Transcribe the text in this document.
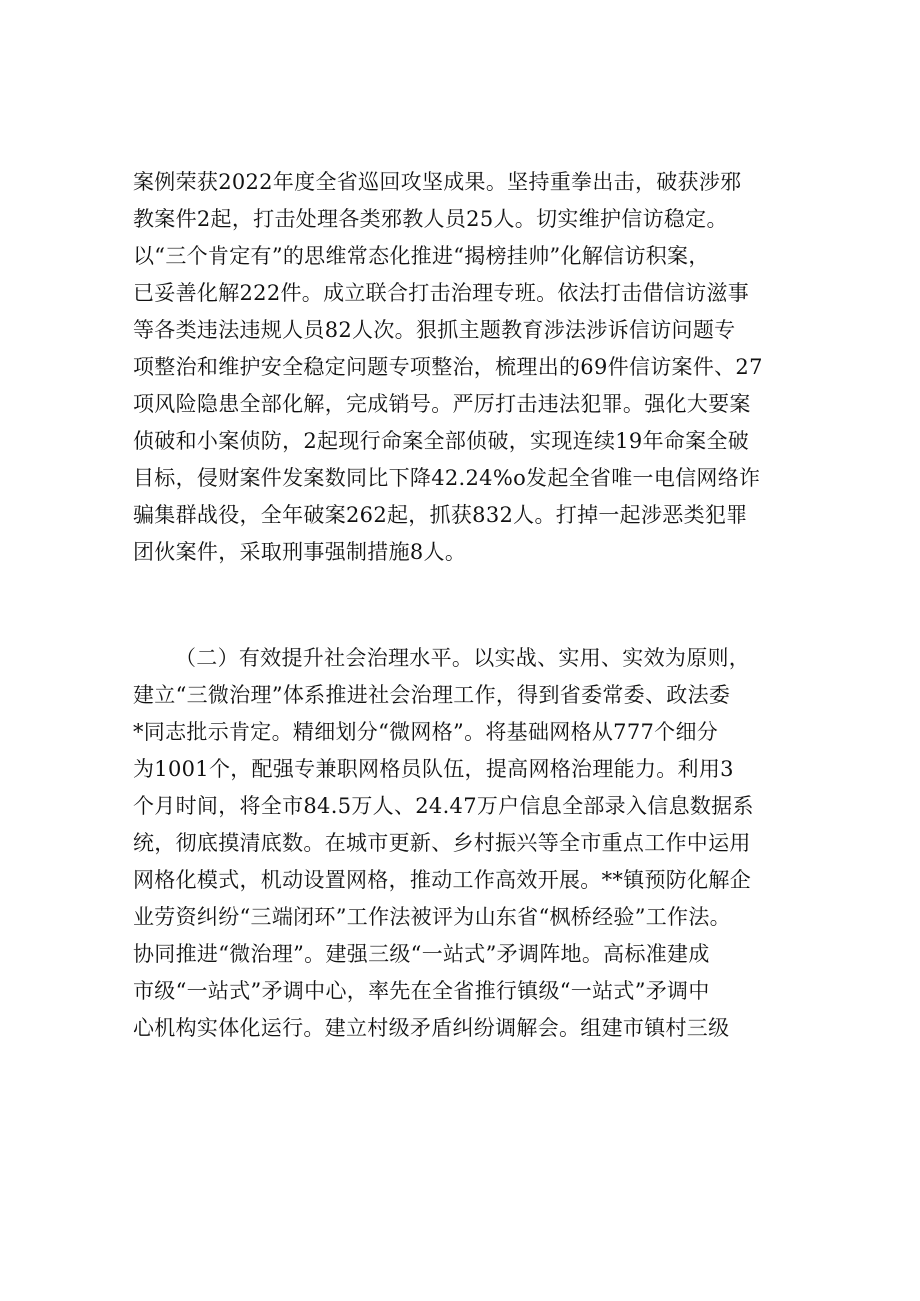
案例荣获2022年度全省巡回攻坚成果。坚持重拳出击，破获涉邪
教案件2起，打击处理各类邪教人员25人。切实维护信访稳定。
以“三个肯定有”的思维常态化推进“揭榜挂帅”化解信访积案，
已妥善化解222件。成立联合打击治理专班。依法打击借信访滋事
等各类违法违规人员82人次。狠抓主题教育涉法涉诉信访问题专
项整治和维护安全稳定问题专项整治，梳理出的69件信访案件、27
项风险隐患全部化解，完成销号。严厉打击违法犯罪。强化大要案
侦破和小案侦防，2起现行命案全部侦破，实现连续19年命案全破
目标，侵财案件发案数同比下降42.24%o发起全省唯一电信网络诈
骗集群战役，全年破案262起，抓获832人。打掉一起涉恶类犯罪
团伙案件，采取刑事强制措施8人。
（二）有效提升社会治理水平。以实战、实用、实效为原则，
建立“三微治理”体系推进社会治理工作，得到省委常委、政法委
*同志批示肯定。精细划分“微网格”。将基础网格从777个细分
为1001个，配强专兼职网格员队伍，提高网格治理能力。利用3
个月时间，将全市84.5万人、24.47万户信息全部录入信息数据系
统，彻底摸清底数。在城市更新、乡村振兴等全市重点工作中运用
网格化模式，机动设置网格，推动工作高效开展。**镇预防化解企
业劳资纠纷“三端闭环”工作法被评为山东省“枫桥经验”工作法。
协同推进“微治理”。建强三级“一站式”矛调阵地。高标准建成
市级“一站式”矛调中心，率先在全省推行镇级“一站式”矛调中
心机构实体化运行。建立村级矛盾纠纷调解会。组建市镇村三级
